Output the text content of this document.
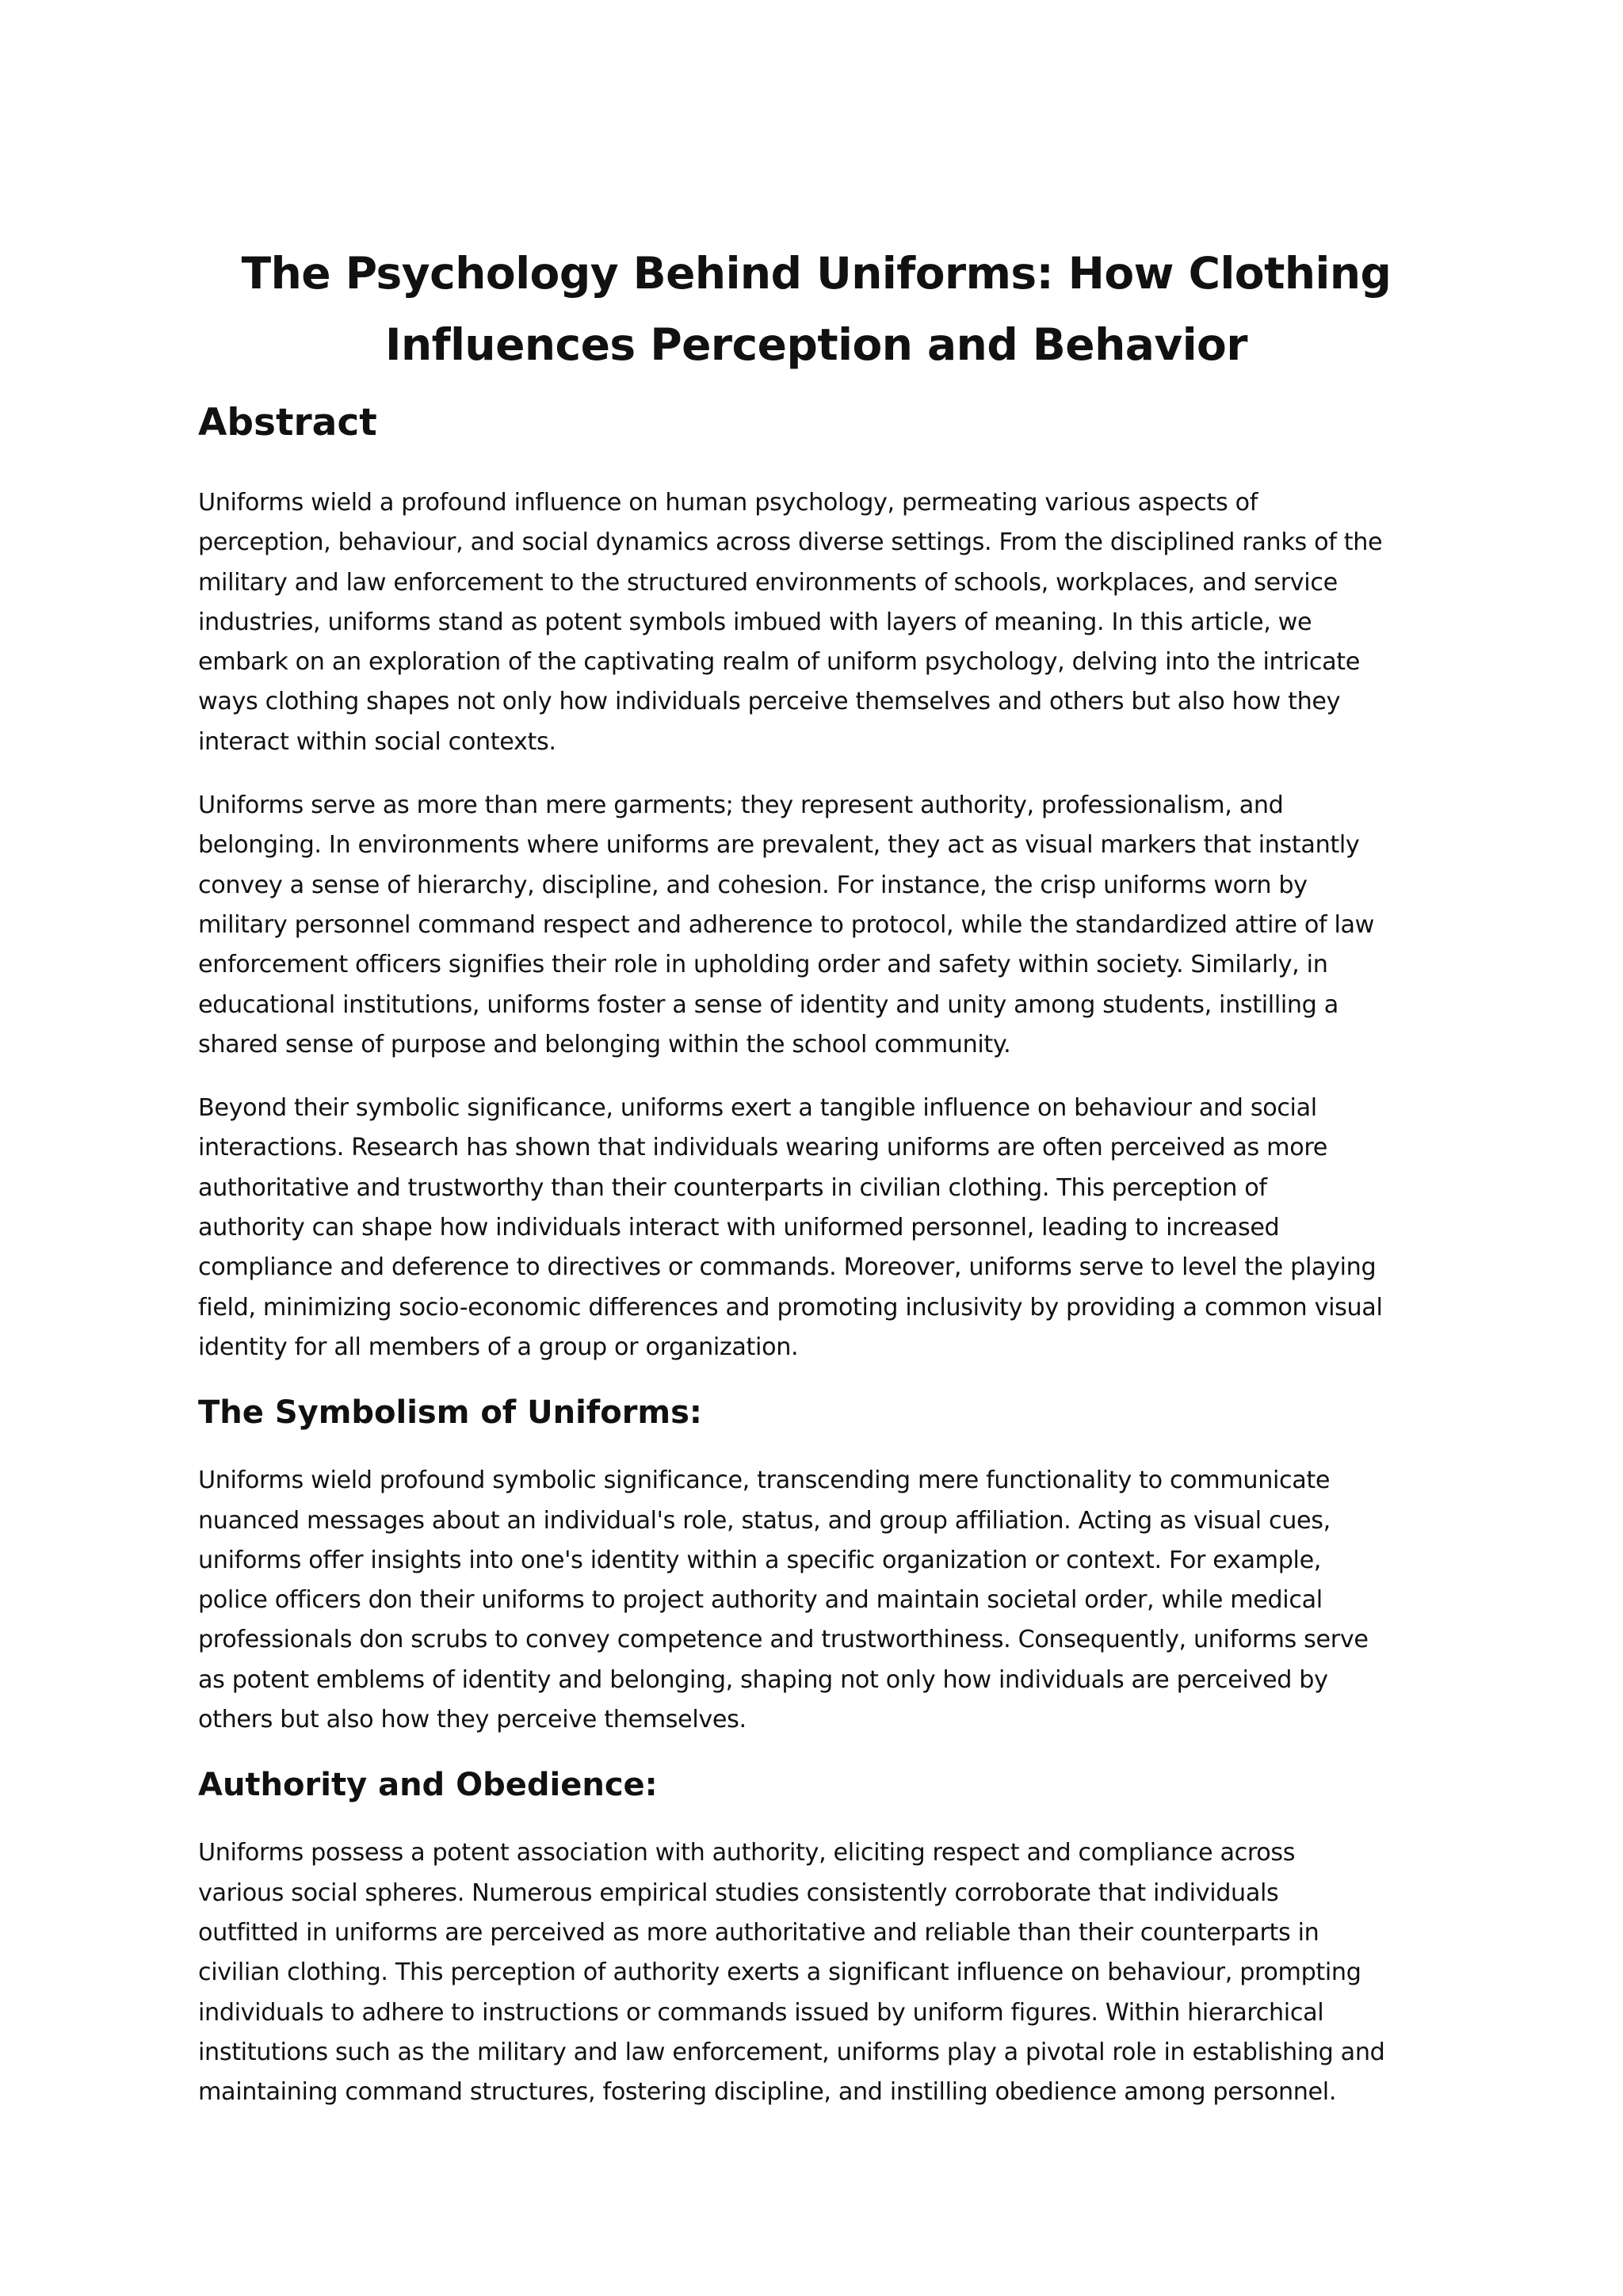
The Psychology Behind Uniforms: How Clothing
Influences Perception and Behavior
Abstract

Uniforms wield a profound influence on human psychology, permeating various aspects of
perception, behaviour, and social dynamics across diverse settings. From the disciplined ranks of the
military and law enforcement to the structured environments of schools, workplaces, and service
industries, uniforms stand as potent symbols imbued with layers of meaning. In this article, we
embark on an exploration of the captivating realm of uniform psychology, delving into the intricate
ways clothing shapes not only how individuals perceive themselves and others but also how they
interact within social contexts.

Uniforms serve as more than mere garments; they represent authority, professionalism, and
belonging. In environments where uniforms are prevalent, they act as visual markers that instantly
convey a sense of hierarchy, discipline, and cohesion. For instance, the crisp uniforms worn by
military personnel command respect and adherence to protocol, while the standardized attire of law
enforcement officers signifies their role in upholding order and safety within society. Similarly, in
educational institutions, uniforms foster a sense of identity and unity among students, instilling a
shared sense of purpose and belonging within the school community.

Beyond their symbolic significance, uniforms exert a tangible influence on behaviour and social
interactions. Research has shown that individuals wearing uniforms are often perceived as more
authoritative and trustworthy than their counterparts in civilian clothing. This perception of
authority can shape how individuals interact with uniformed personnel, leading to increased
compliance and deference to directives or commands. Moreover, uniforms serve to level the playing
field, minimizing socio-economic differences and promoting inclusivity by providing a common visual
identity for all members of a group or organization.

The Symbolism of Uniforms:

Uniforms wield profound symbolic significance, transcending mere functionality to communicate
nuanced messages about an individual's role, status, and group affiliation. Acting as visual cues,
uniforms offer insights into one's identity within a specific organization or context. For example,
police officers don their uniforms to project authority and maintain societal order, while medical
professionals don scrubs to convey competence and trustworthiness. Consequently, uniforms serve
as potent emblems of identity and belonging, shaping not only how individuals are perceived by
others but also how they perceive themselves.

Authority and Obedience:

Uniforms possess a potent association with authority, eliciting respect and compliance across
various social spheres. Numerous empirical studies consistently corroborate that individuals
outfitted in uniforms are perceived as more authoritative and reliable than their counterparts in
civilian clothing. This perception of authority exerts a significant influence on behaviour, prompting
individuals to adhere to instructions or commands issued by uniform figures. Within hierarchical
institutions such as the military and law enforcement, uniforms play a pivotal role in establishing and
maintaining command structures, fostering discipline, and instilling obedience among personnel.
